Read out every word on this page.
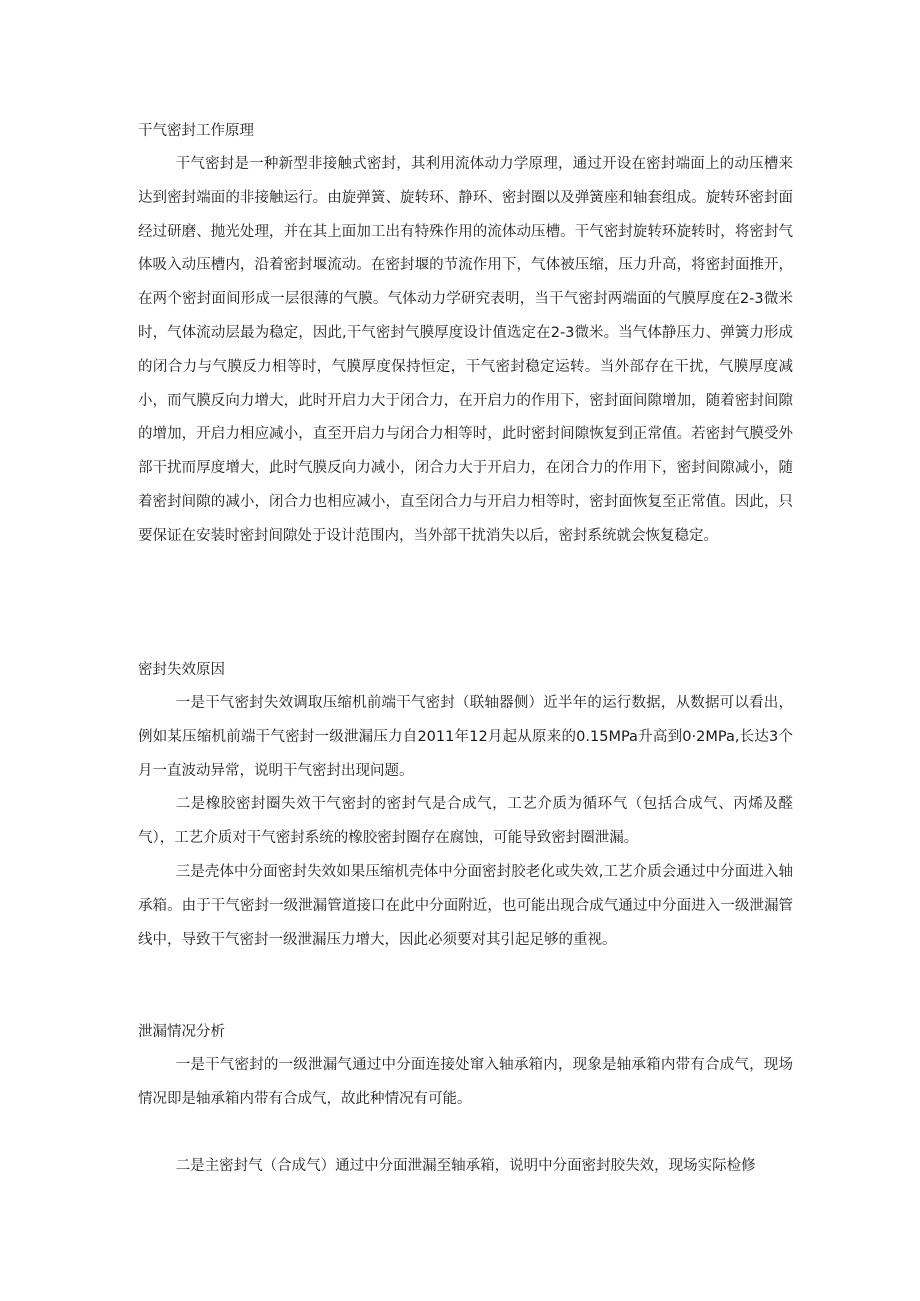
干气密封工作原理

干气密封是一种新型非接触式密封，其利用流体动力学原理，通过开设在密封端面上的动压槽来达到密封端面的非接触运行。由旋弹簧、旋转环、静环、密封圈以及弹簧座和轴套组成。旋转环密封面经过研磨、抛光处理，并在其上面加工出有特殊作用的流体动压槽。干气密封旋转环旋转时，将密封气体吸入动压槽内，沿着密封堰流动。在密封堰的节流作用下，气体被压缩，压力升高，将密封面推开，在两个密封面间形成一层很薄的气膜。气体动力学研究表明，当干气密封两端面的气膜厚度在2-3微米时，气体流动层最为稳定，因此,干气密封气膜厚度设计值选定在2-3微米。当气体静压力、弹簧力形成的闭合力与气膜反力相等时，气膜厚度保持恒定，干气密封稳定运转。当外部存在干扰，气膜厚度减小，而气膜反向力增大，此时开启力大于闭合力，在开启力的作用下，密封面间隙增加，随着密封间隙的增加，开启力相应减小，直至开启力与闭合力相等时，此时密封间隙恢复到正常值。若密封气膜受外部干扰而厚度增大，此时气膜反向力减小，闭合力大于开启力，在闭合力的作用下，密封间隙减小，随着密封间隙的减小，闭合力也相应减小，直至闭合力与开启力相等时，密封面恢复至正常值。因此，只要保证在安装时密封间隙处于设计范围内，当外部干扰消失以后，密封系统就会恢复稳定。

密封失效原因

一是干气密封失效调取压缩机前端干气密封（联轴器侧）近半年的运行数据，从数据可以看出，例如某压缩机前端干气密封一级泄漏压力自2011年12月起从原来的0.15MPa升高到0·2MPa,长达3个月一直波动异常，说明干气密封出现问题。

二是橡胶密封圈失效干气密封的密封气是合成气，工艺介质为循环气（包括合成气、丙烯及醛气），工艺介质对干气密封系统的橡胶密封圈存在腐蚀，可能导致密封圈泄漏。

三是壳体中分面密封失效如果压缩机壳体中分面密封胶老化或失效,工艺介质会通过中分面进入轴承箱。由于干气密封一级泄漏管道接口在此中分面附近，也可能出现合成气通过中分面进入一级泄漏管线中，导致干气密封一级泄漏压力增大，因此必须要对其引起足够的重视。

泄漏情况分析

一是干气密封的一级泄漏气通过中分面连接处窜入轴承箱内，现象是轴承箱内带有合成气，现场情况即是轴承箱内带有合成气，故此种情况有可能。

二是主密封气（合成气）通过中分面泄漏至轴承箱，说明中分面密封胶失效，现场实际检修
